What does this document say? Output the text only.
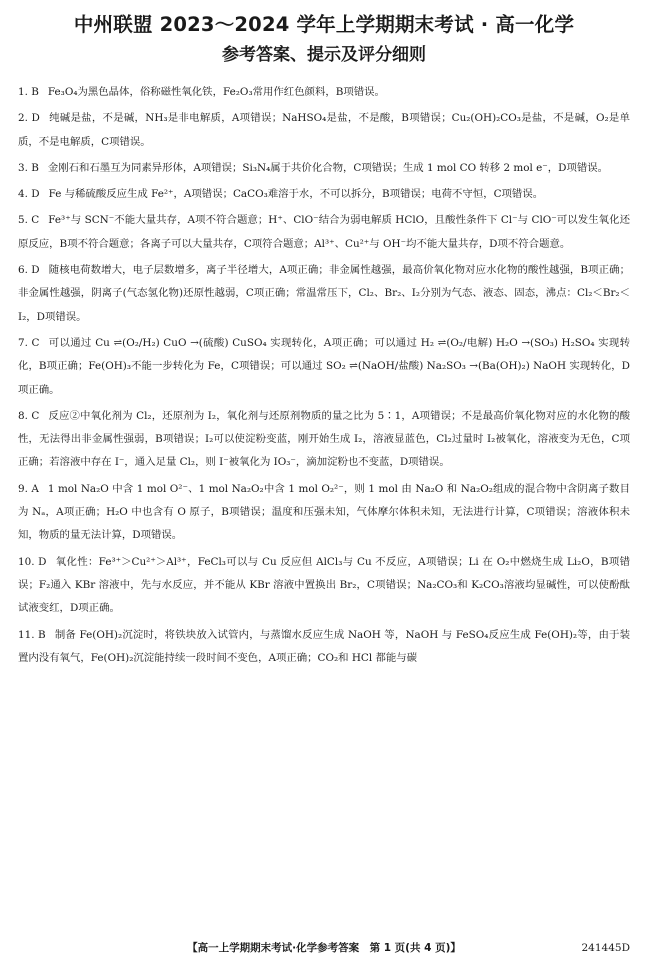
中州联盟 2023～2024 学年上学期期末考试 · 高一化学
参考答案、提示及评分细则
1. B Fe₃O₄为黑色晶体，俗称磁性氧化铁，Fe₂O₃常用作红色颜料，B项错误。
2. D 纯碱是盐，不是碱，NH₃是非电解质，A项错误；NaHSO₄是盐，不是酸，B项错误；Cu₂(OH)₂CO₃是盐，不是碱，O₂是单质，不是电解质，C项错误。
3. B 金刚石和石墨互为同素异形体，A项错误；Si₃N₄属于共价化合物，C项错误；生成 1 mol CO 转移 2 mol e⁻，D项错误。
4. D Fe 与稀硫酸反应生成 Fe²⁺，A项错误；CaCO₃难溶于水，不可以拆分，B项错误；电荷不守恒，C项错误。
5. C Fe³⁺与 SCN⁻不能大量共存，A项不符合题意；H⁺、ClO⁻结合为弱电解质 HClO，且酸性条件下 Cl⁻与 ClO⁻可以发生氧化还原反应，B项不符合题意；各离子可以大量共存，C项符合题意；Al³⁺、Cu²⁺与 OH⁻均不能大量共存，D项不符合题意。
6. D 随核电荷数增大，电子层数增多，离子半径增大，A项正确；非金属性越强，最高价氧化物对应水化物的酸性越强，B项正确；非金属性越强，阴离子(气态氢化物)还原性越弱，C项正确；常温常压下，Cl₂、Br₂、I₂分别为气态、液态、固态，沸点：Cl₂＜Br₂＜I₂，D项错误。
7. C 可以通过 Cu ⇌(O₂/H₂) CuO →(硫酸) CuSO₄ 实现转化，A项正确；可以通过 H₂ ⇌(O₂/电解) H₂O →(SO₃) H₂SO₄ 实现转化，B项正确；Fe(OH)₃不能一步转化为 Fe，C项错误；可以通过 SO₂ ⇌(NaOH/盐酸) Na₂SO₃ →(Ba(OH)₂) NaOH 实现转化，D项正确。
8. C 反应②中氧化剂为 Cl₂，还原剂为 I₂，氧化剂与还原剂物质的量之比为 5∶1，A项错误；不是最高价氧化物对应的水化物的酸性，无法得出非金属性强弱，B项错误；I₂可以使淀粉变蓝，刚开始生成 I₂，溶液显蓝色，Cl₂过量时 I₂被氧化，溶液变为无色，C项正确；若溶液中存在 I⁻，通入足量 Cl₂，则 I⁻被氧化为 IO₃⁻，滴加淀粉也不变蓝，D项错误。
9. A 1 mol Na₂O 中含 1 mol O²⁻、1 mol Na₂O₂中含 1 mol O₂²⁻，则 1 mol 由 Na₂O 和 Na₂O₂组成的混合物中含阴离子数目为 Nₐ，A项正确；H₂O 中也含有 O 原子，B项错误；温度和压强未知，气体摩尔体积未知，无法进行计算，C项错误；溶液体积未知，物质的量无法计算，D项错误。
10. D 氧化性：Fe³⁺＞Cu²⁺＞Al³⁺，FeCl₃可以与 Cu 反应但 AlCl₃与 Cu 不反应，A项错误；Li 在 O₂中燃烧生成 Li₂O，B项错误；F₂通入 KBr 溶液中，先与水反应，并不能从 KBr 溶液中置换出 Br₂，C项错误；Na₂CO₃和 K₂CO₃溶液均显碱性，可以使酚酞试液变红，D项正确。
11. B 制备 Fe(OH)₂沉淀时，将铁块放入试管内，与蒸馏水反应生成 NaOH 等，NaOH 与 FeSO₄反应生成 Fe(OH)₂等，由于装置内没有氧气，Fe(OH)₂沉淀能持续一段时间不变色，A项正确；CO₂和 HCl 都能与碳
【高一上学期期末考试·化学参考答案　第 1 页(共 4 页)】	241445D
